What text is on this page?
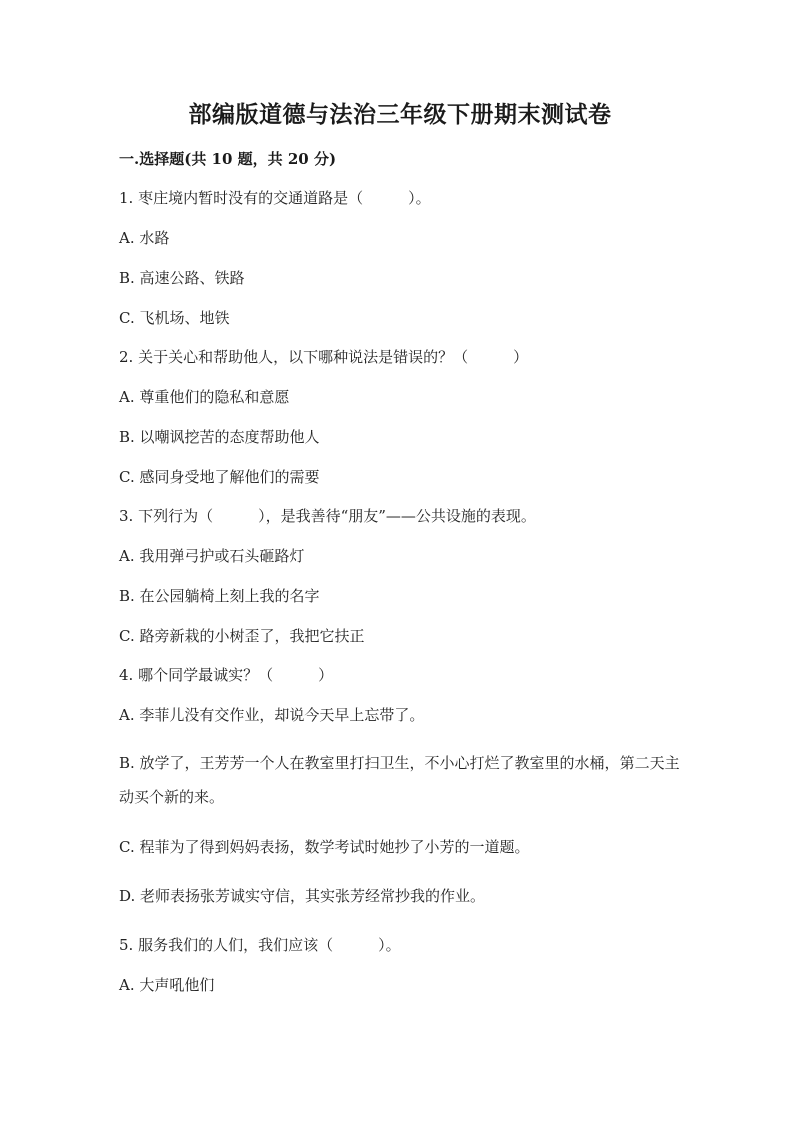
部编版道德与法治三年级下册期末测试卷
一.选择题(共 10 题，共 20 分)
1. 枣庄境内暂时没有的交通道路是（　　　）。
A. 水路
B. 高速公路、铁路
C. 飞机场、地铁
2. 关于关心和帮助他人，以下哪种说法是错误的？（　　　）
A. 尊重他们的隐私和意愿
B. 以嘲讽挖苦的态度帮助他人
C. 感同身受地了解他们的需要
3. 下列行为（　　　），是我善待“朋友”——公共设施的表现。
A. 我用弹弓护或石头砸路灯
B. 在公园躺椅上刻上我的名字
C. 路旁新栽的小树歪了，我把它扶正
4. 哪个同学最诚实？（　　　）
A. 李菲儿没有交作业，却说今天早上忘带了。
B. 放学了，王芳芳一个人在教室里打扫卫生，不小心打烂了教室里的水桶，第二天主动买个新的来。
C. 程菲为了得到妈妈表扬，数学考试时她抄了小芳的一道题。
D. 老师表扬张芳诚实守信，其实张芳经常抄我的作业。
5. 服务我们的人们，我们应该（　　　）。
A. 大声吼他们
